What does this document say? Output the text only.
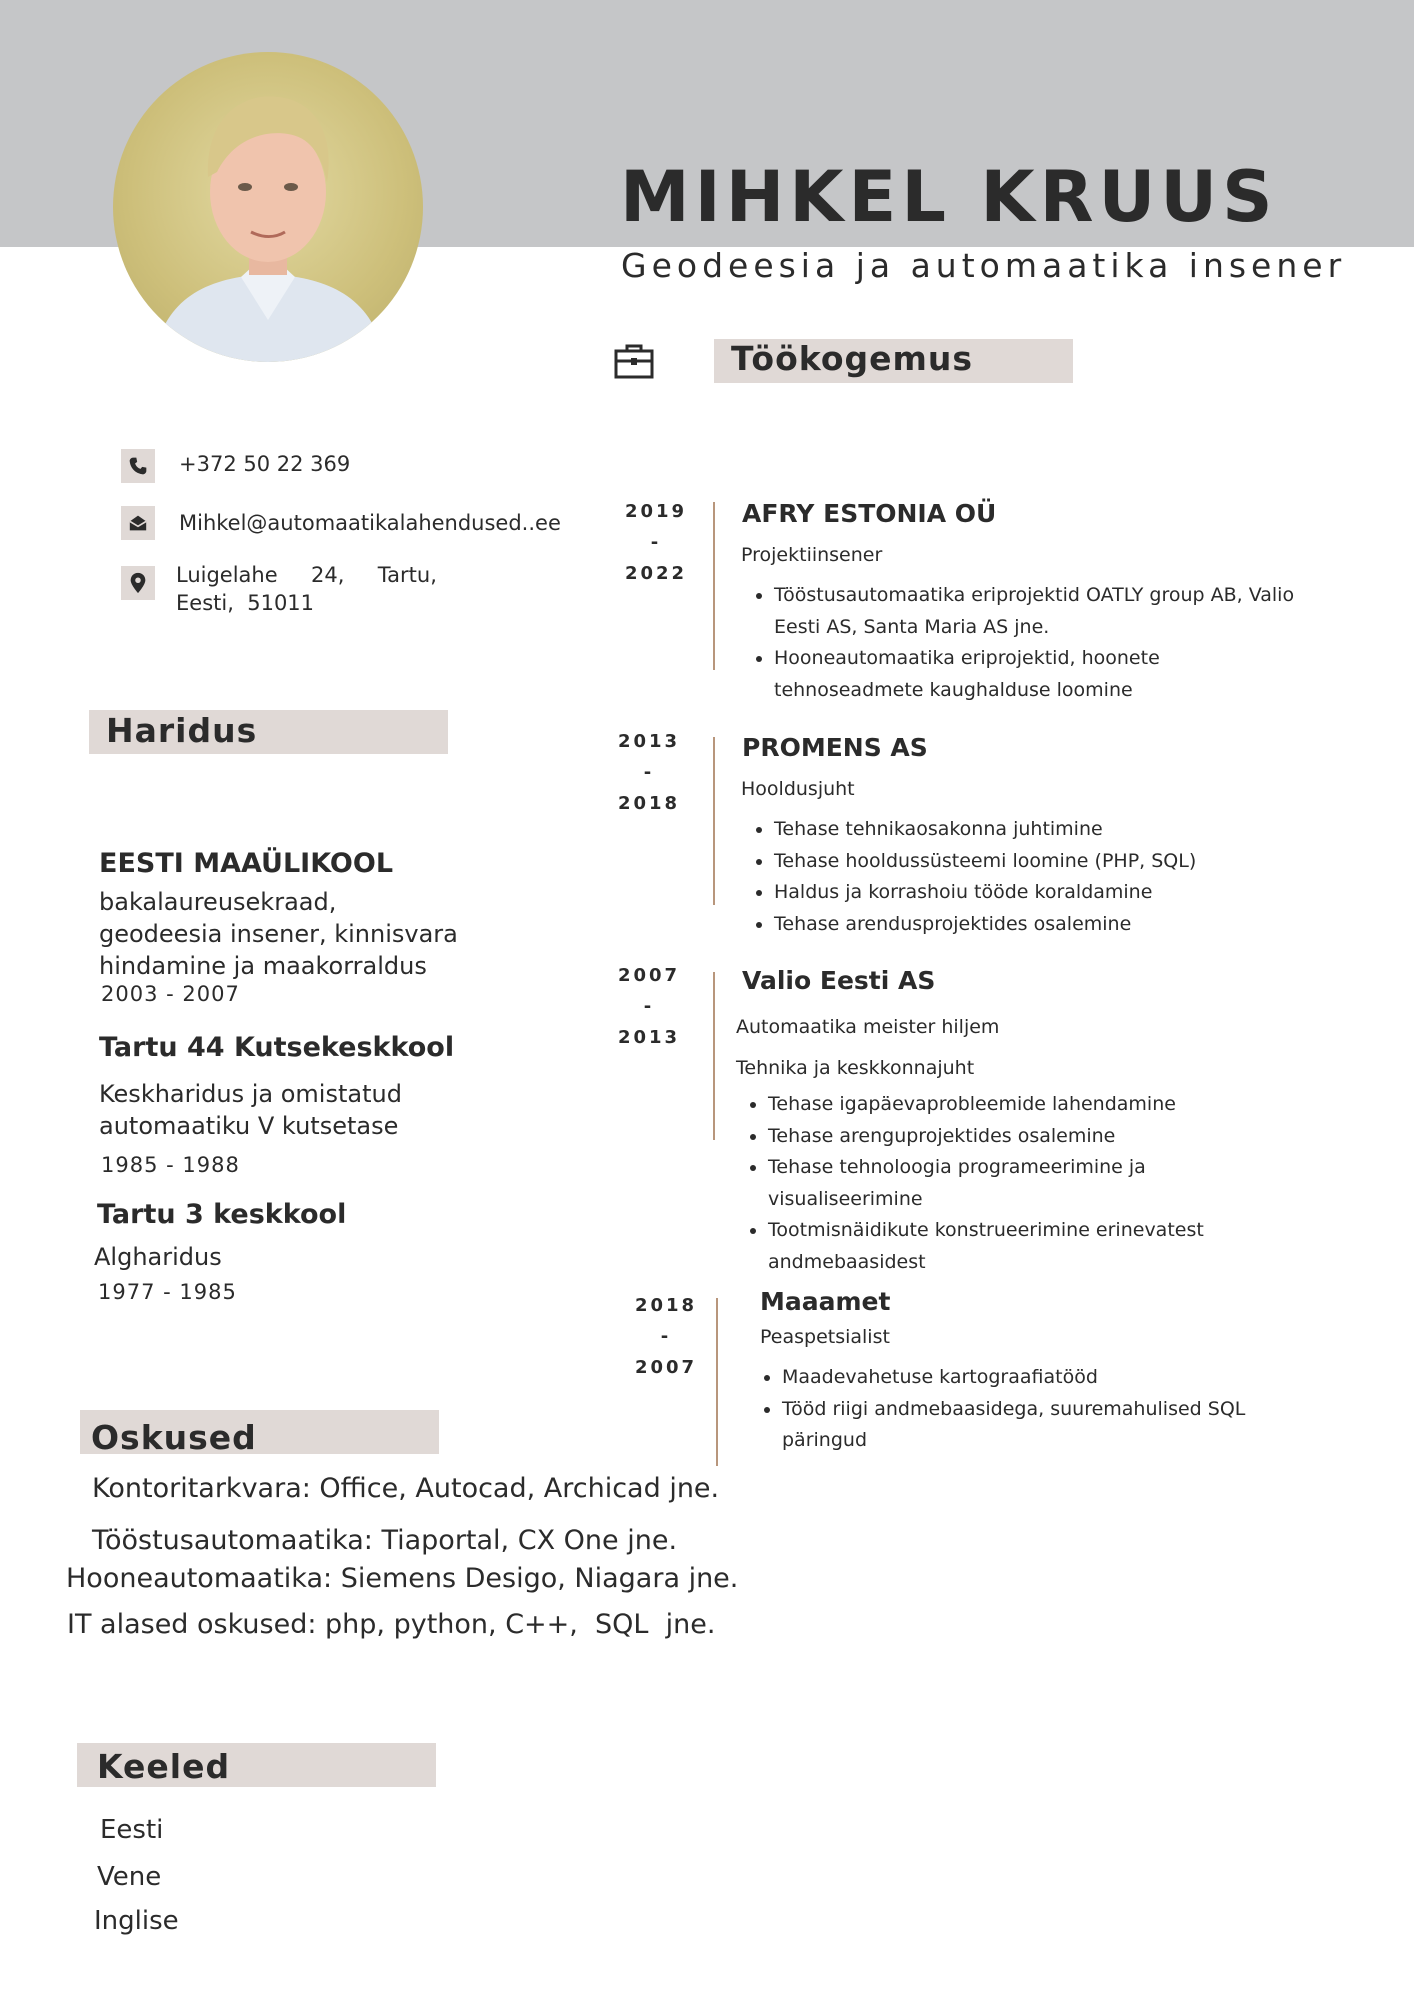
MIHKEL KRUUS
Geodeesia ja automaatika insener
Töökogemus
+372 50 22 369
Mihkel@automaatikalahendused..ee
Luigelahe     24,     Tartu,
Eesti,  51011
Haridus
EESTI MAAÜLIKOOL
bakalaureusekraad,
geodeesia insener, kinnisvara
hindamine ja maakorraldus
2003 - 2007
Tartu 44 Kutsekeskkool
Keskharidus ja omistatud
automaatiku V kutsetase
1985 - 1988
Tartu 3 keskkool
Algharidus
1977 - 1985
Oskused
Kontoritarkvara: Office, Autocad, Archicad jne.
Tööstusautomaatika: Tiaportal, CX One jne.
Hooneautomaatika: Siemens Desigo, Niagara jne.
IT alased oskused: php, python, C++,  SQL  jne.
Keeled
Eesti
Vene
Inglise
2019
-
2022
AFRY ESTONIA OÜ
Projektiinsener
• Tööstusautomaatika eriprojektid OATLY group AB, Valio Eesti AS, Santa Maria AS jne.
• Hooneautomaatika eriprojektid, hoonete tehnoseadmete kaughalduse loomine
2013
-
2018
PROMENS AS
Hooldusjuht
• Tehase tehnikaosakonna juhtimine
• Tehase hooldussüsteemi loomine (PHP, SQL)
• Haldus ja korrashoiu tööde koraldamine
• Tehase arendusprojektides osalemine
2007
-
2013
Valio Eesti AS
Automaatika meister hiljem
Tehnika ja keskkonnajuht
• Tehase igapäevaprobleemide lahendamine
• Tehase arenguprojektides osalemine
• Tehase tehnoloogia programeerimine ja visualiseerimine
• Tootmisnäidikute konstrueerimine erinevatest andmebaasidest
2018
-
2007
Maaamet
Peaspetsialist
• Maadevahetuse kartograafiatööd
• Tööd riigi andmebaasidega, suuremahulised SQL päringud
